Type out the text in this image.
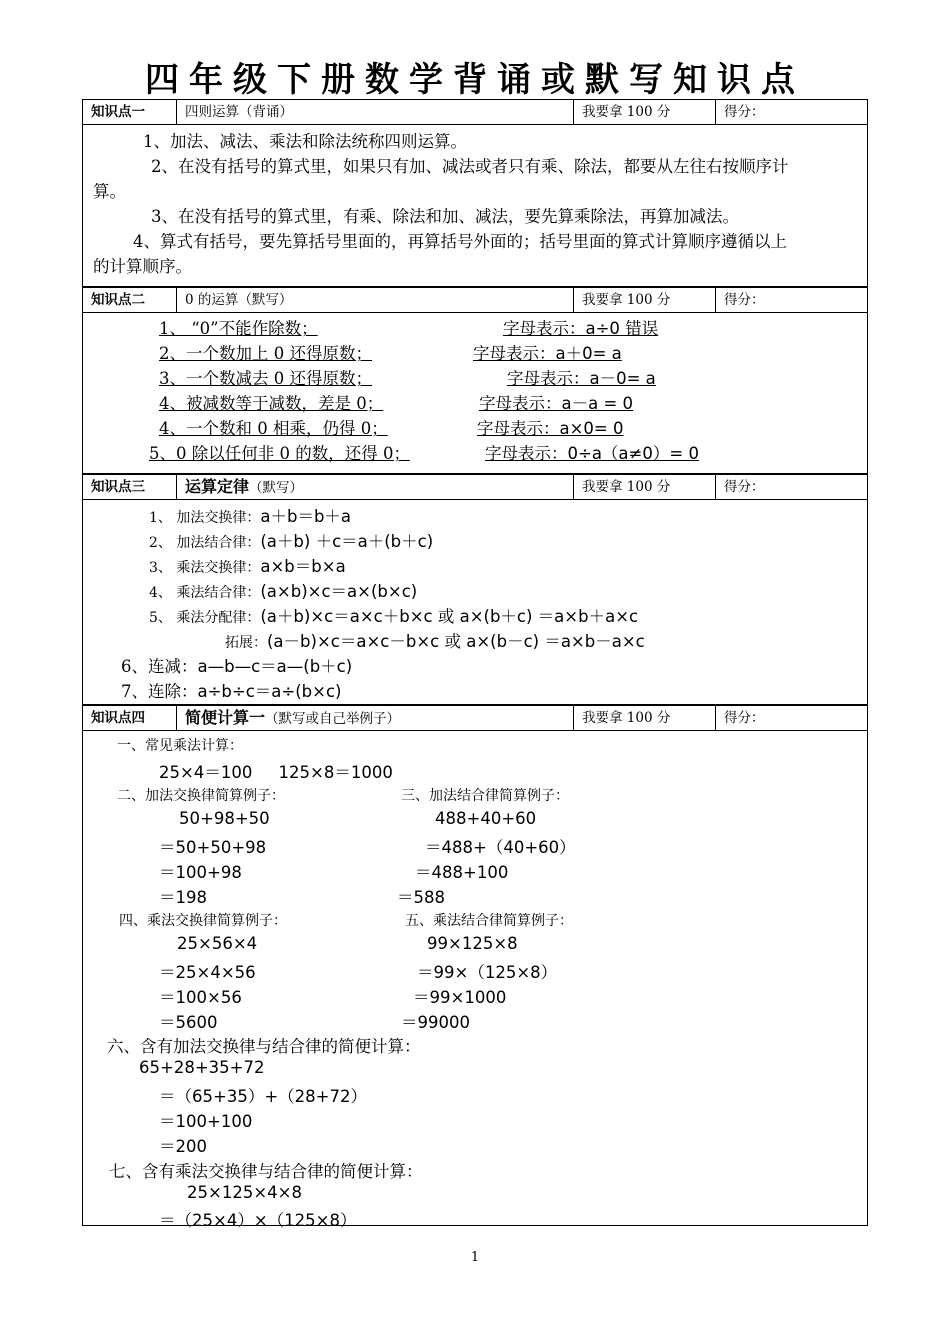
四年级下册数学背诵或默写知识点
知识点一	四则运算（背诵）	我要拿 100 分	得分：
1、加法、减法、乘法和除法统称四则运算。
2、在没有括号的算式里，如果只有加、减法或者只有乘、除法，都要从左往右按顺序计
算。
3、在没有括号的算式里，有乘、除法和加、减法，要先算乘除法，再算加减法。
4、算式有括号，要先算括号里面的，再算括号外面的；括号里面的算式计算顺序遵循以上
的计算顺序。
知识点二	0 的运算（默写）	我要拿 100 分	得分：
1、 “0”不能作除数；	字母表示：a÷0 错误
2、一个数加上 0 还得原数；	字母表示：a＋0= a
3、一个数减去 0 还得原数；	字母表示：a－0= a
4、被减数等于减数，差是 0；	字母表示：a－a = 0
4、一个数和 0 相乘，仍得 0；	字母表示：a×0= 0
5、0 除以任何非 0 的数，还得 0；	字母表示：0÷a（a≠0）= 0
知识点三	运算定律（默写）	我要拿 100 分	得分：
1、 加法交换律：a＋b＝b＋a
2、 加法结合律：(a＋b) ＋c＝a＋(b＋c)
3、 乘法交换律：a×b＝b×a
4、 乘法结合律：(a×b)×c＝a×(b×c)
5、 乘法分配律：(a＋b)×c＝a×c＋b×c 或 a×(b＋c) ＝a×b＋a×c
拓展：(a－b)×c＝a×c－b×c 或 a×(b－c) ＝a×b－a×c
6、连减：a—b—c＝a—(b＋c)
7、连除：a÷b÷c＝a÷(b×c)
知识点四	简便计算一（默写或自己举例子）	我要拿 100 分	得分：
一、常见乘法计算：
25×4＝100     125×8＝1000
二、加法交换律简算例子：
50+98+50
＝50+50+98
＝100+98
＝198
三、加法结合律简算例子：
488+40+60
＝488+（40+60）
＝488+100
＝588
四、乘法交换律简算例子：
25×56×4
＝25×4×56
＝100×56
＝5600
五、乘法结合律简算例子：
99×125×8
＝99×（125×8）
＝99×1000
＝99000
六、含有加法交换律与结合律的简便计算：
65+28+35+72
＝（65+35）+（28+72）
＝100+100
＝200
七、含有乘法交换律与结合律的简便计算：
25×125×4×8
＝（25×4）×（125×8）
1
